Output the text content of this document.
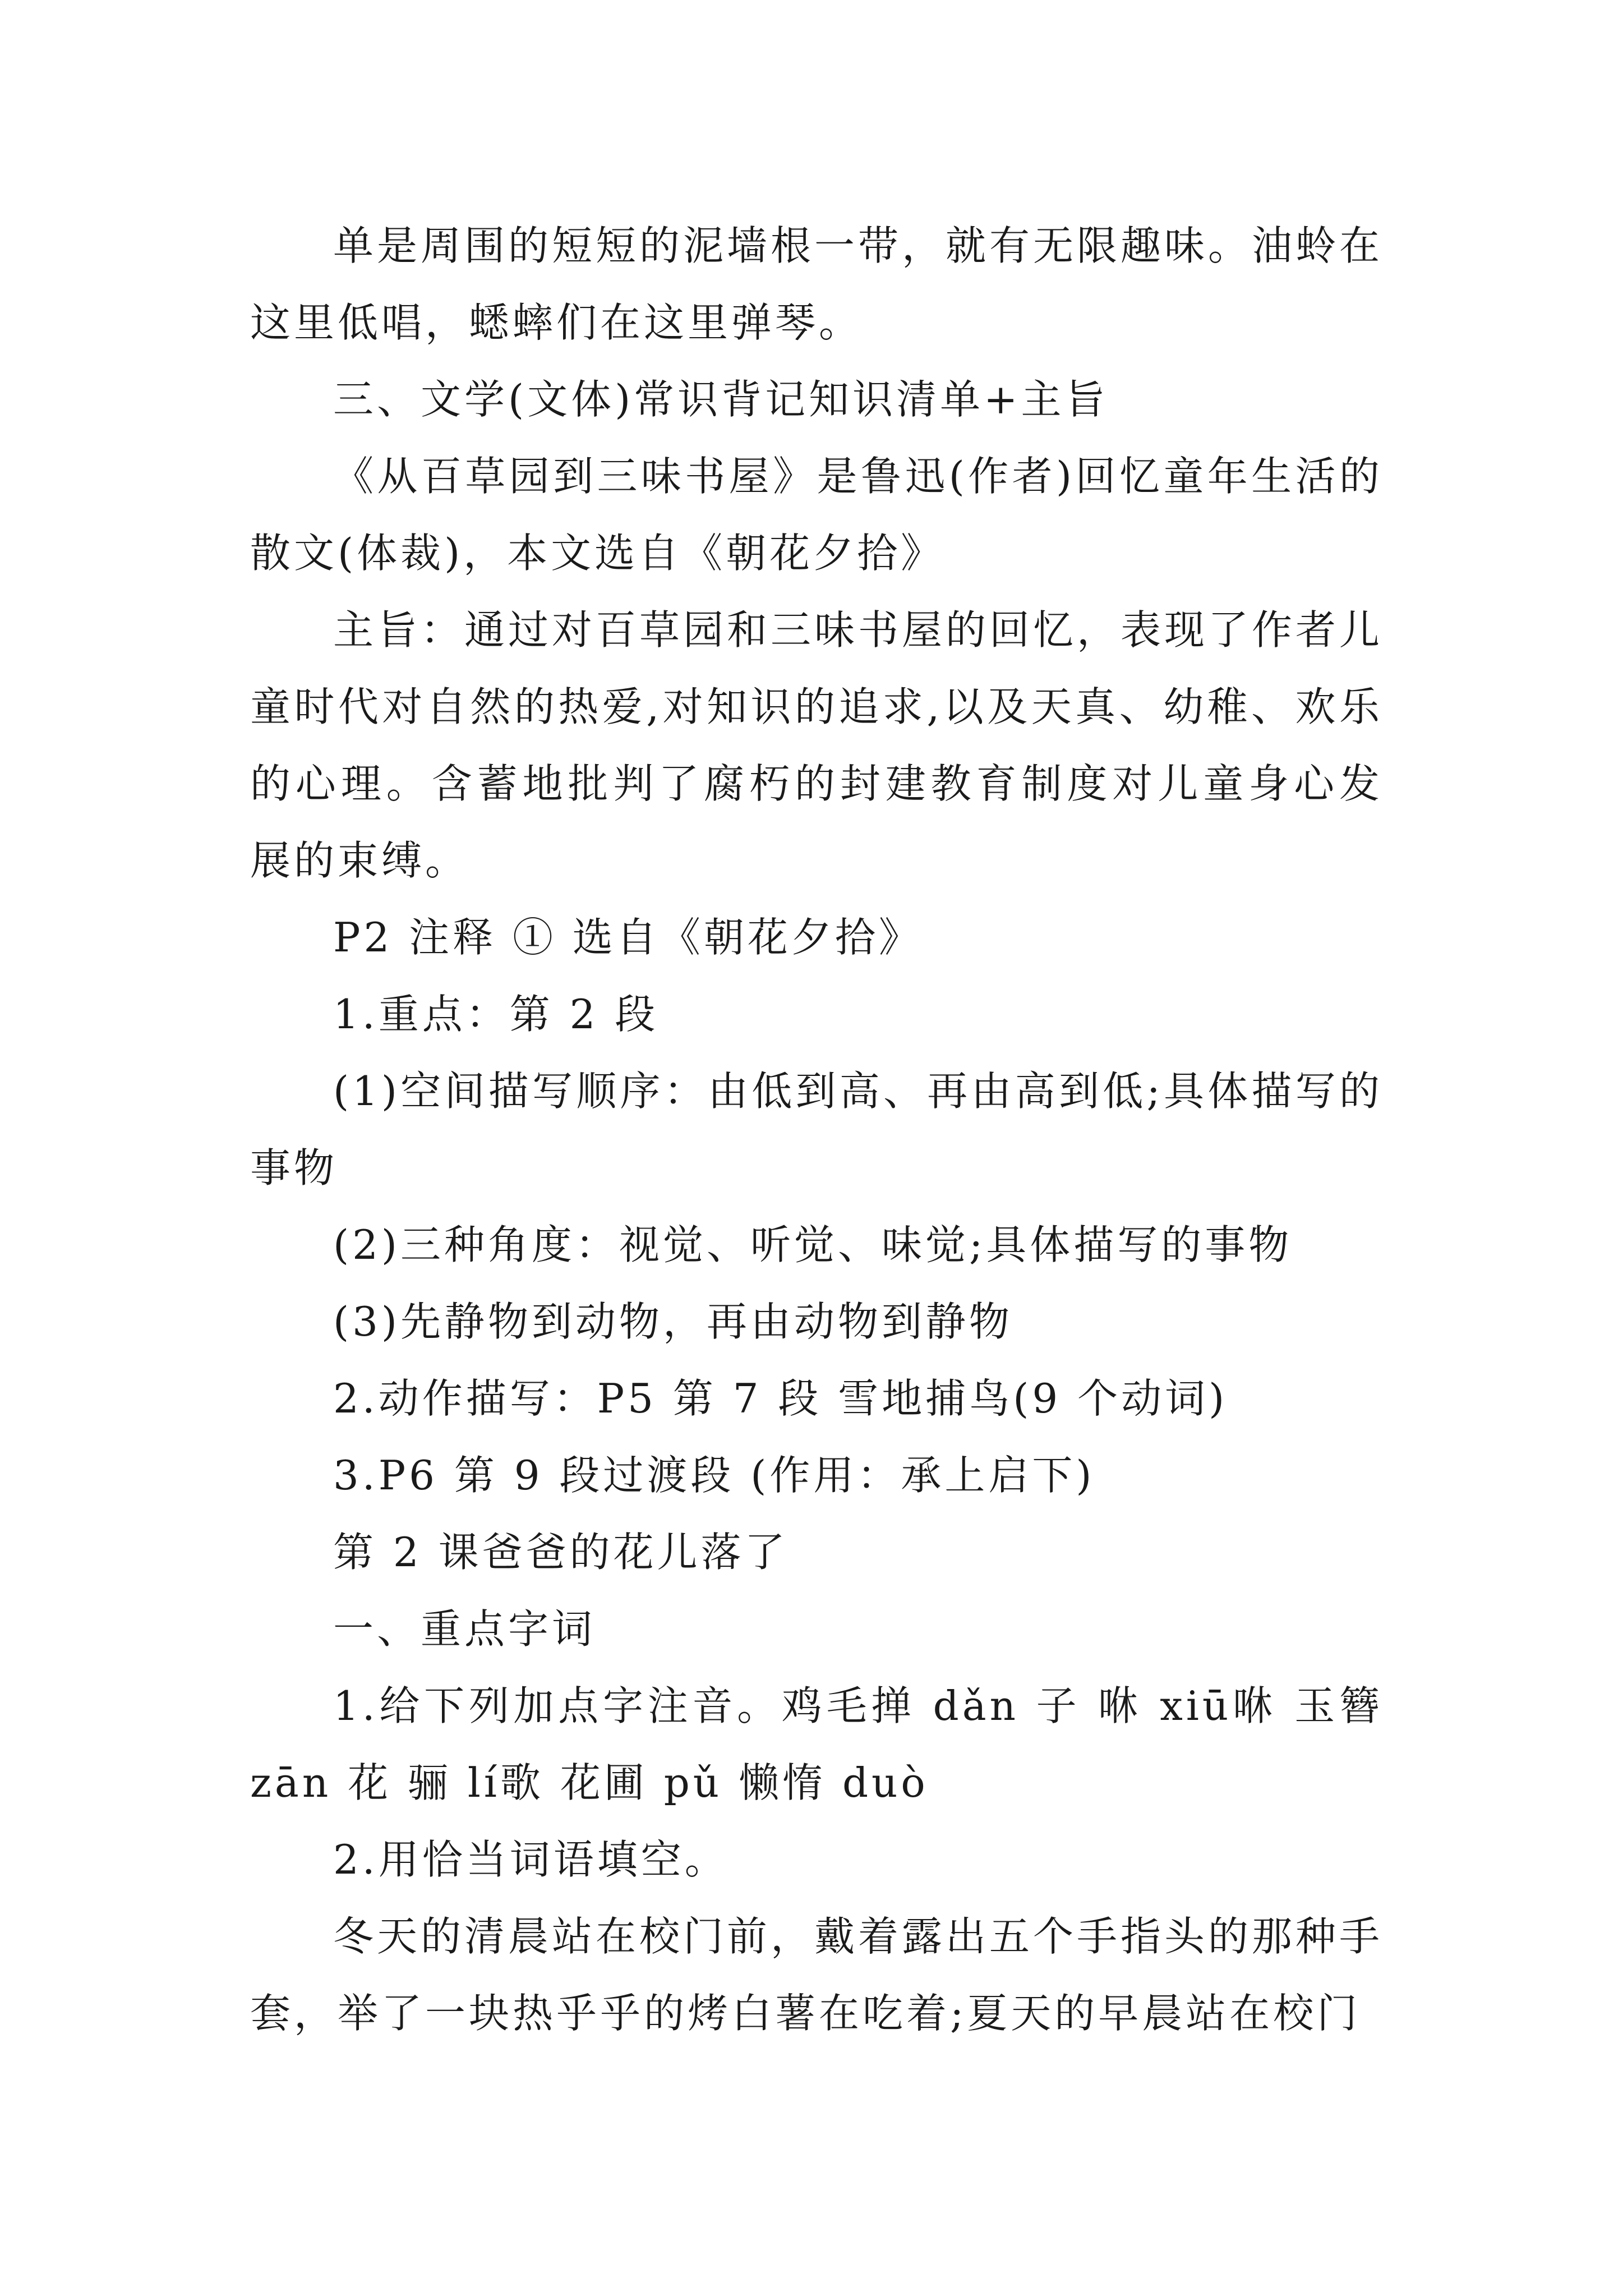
单是周围的短短的泥墙根一带，就有无限趣味。油蛉在这里低唱，蟋蟀们在这里弹琴。

三、文学(文体)常识背记知识清单+主旨

《从百草园到三味书屋》是鲁迅(作者)回忆童年生活的散文(体裁)，本文选自《朝花夕拾》

主旨：通过对百草园和三味书屋的回忆，表现了作者儿童时代对自然的热爱,对知识的追求,以及天真、幼稚、欢乐的心理。含蓄地批判了腐朽的封建教育制度对儿童身心发展的束缚。

P2 注释 ① 选自《朝花夕拾》

1.重点：第 2 段

(1)空间描写顺序：由低到高、再由高到低;具体描写的事物

(2)三种角度：视觉、听觉、味觉;具体描写的事物

(3)先静物到动物，再由动物到静物

2.动作描写：P5 第 7 段 雪地捕鸟(9 个动词)

3.P6 第 9 段过渡段 (作用：承上启下)

第 2 课爸爸的花儿落了

一、重点字词

1.给下列加点字注音。鸡毛掸 dǎn 子 咻 xiū咻 玉簪 zān 花 骊 lí歌 花圃 pǔ 懒惰 duò

2.用恰当词语填空。

冬天的清晨站在校门前，戴着露出五个手指头的那种手套，举了一块热乎乎的烤白薯在吃着;夏天的早晨站在校门
